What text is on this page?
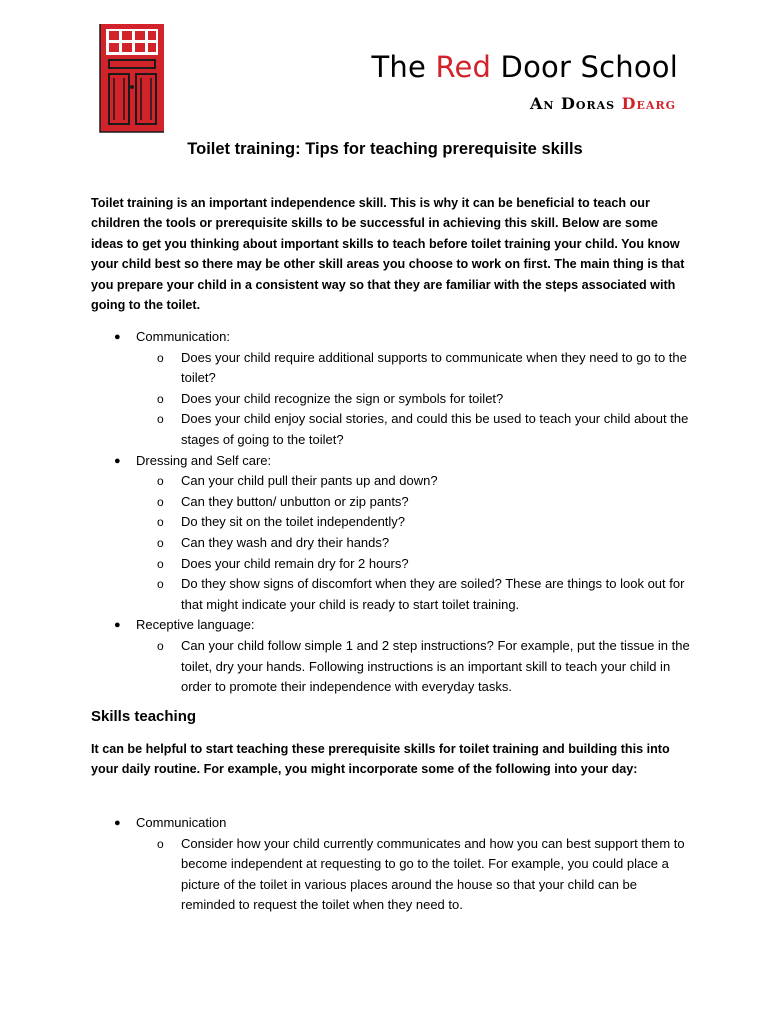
The Red Door School
An Doras Dearg
Toilet training: Tips for teaching prerequisite skills
Toilet training is an important independence skill. This is why it can be beneficial to teach our children the tools or prerequisite skills to be successful in achieving this skill. Below are some ideas to get you thinking about important skills to teach before toilet training your child. You know your child best so there may be other skill areas you choose to work on first. The main thing is that you prepare your child in a consistent way so that they are familiar with the steps associated with going to the toilet.
● Communication:
o Does your child require additional supports to communicate when they need to go to the toilet?
o Does your child recognize the sign or symbols for toilet?
o Does your child enjoy social stories, and could this be used to teach your child about the stages of going to the toilet?
● Dressing and Self care:
o Can your child pull their pants up and down?
o Can they button/ unbutton or zip pants?
o Do they sit on the toilet independently?
o Can they wash and dry their hands?
o Does your child remain dry for 2 hours?
o Do they show signs of discomfort when they are soiled? These are things to look out for that might indicate your child is ready to start toilet training.
● Receptive language:
o Can your child follow simple 1 and 2 step instructions? For example, put the tissue in the toilet, dry your hands. Following instructions is an important skill to teach your child in order to promote their independence with everyday tasks.
Skills teaching
It can be helpful to start teaching these prerequisite skills for toilet training and building this into your daily routine. For example, you might incorporate some of the following into your day:
● Communication
o Consider how your child currently communicates and how you can best support them to become independent at requesting to go to the toilet. For example, you could place a picture of the toilet in various places around the house so that your child can be reminded to request the toilet when they need to.
